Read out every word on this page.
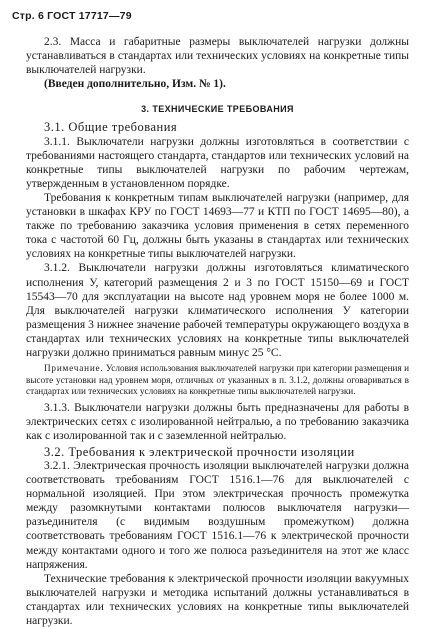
Стр. 6 ГОСТ 17717—79

2.3. Масса и габаритные размеры выключателей нагрузки должны устанавливаться в стандартах или технических условиях на конкретные типы выключателей нагрузки.

(Введен дополнительно, Изм. № 1).

3. ТЕХНИЧЕСКИЕ ТРЕБОВАНИЯ

3.1. Общие требования

3.1.1. Выключатели нагрузки должны изготовляться в соответствии с требованиями настоящего стандарта, стандартов или технических условий на конкретные типы выключателей нагрузки по рабочим чертежам, утвержденным в установленном порядке.

Требования к конкретным типам выключателей нагрузки (например, для установки в шкафах КРУ по ГОСТ 14693—77 и КТП по ГОСТ 14695—80), а также по требованию заказчика условия применения в сетях переменного тока с частотой 60 Гц, должны быть указаны в стандартах или технических условиях на конкретные типы выключателей нагрузки.

3.1.2. Выключатели нагрузки должны изготовляться климатического исполнения У, категорий размещения 2 и 3 по ГОСТ 15150—69 и ГОСТ 15543—70 для эксплуатации на высоте над уровнем моря не более 1000 м. Для выключателей нагрузки климатического исполнения У категории размещения 3 нижнее значение рабочей температуры окружающего воздуха в стандартах или технических условиях на конкретные типы выключателей нагрузки должно приниматься равным минус 25 °С.

Примечание. Условия использования выключателей нагрузки при категории размещения и высоте установки над уровнем моря, отличных от указанных в п. 3.1.2, должны оговариваться в стандартах или технических условиях на конкретные типы выключателей нагрузки.

3.1.3. Выключатели нагрузки должны быть предназначены для работы в электрических сетях с изолированной нейтралью, а по требованию заказчика как с изолированной так и с заземленной нейтралью.

3.2. Требования к электрической прочности изоляции

3.2.1. Электрическая прочность изоляции выключателей нагрузки должна соответствовать требованиям ГОСТ 1516.1—76 для выключателей с нормальной изоляцией. При этом электрическая прочность промежутка между разомкнутыми контактами полюсов выключателя нагрузки—разъединителя (с видимым воздушным промежутком) должна соответствовать требованиям ГОСТ 1516.1—76 к электрической прочности между контактами одного и того же полюса разъединителя на этот же класс напряжения.

Технические требования к электрической прочности изоляции вакуумных выключателей нагрузки и методика испытаний должны устанавливаться в стандартах или технических условиях на конкретные типы выключателей нагрузки.
